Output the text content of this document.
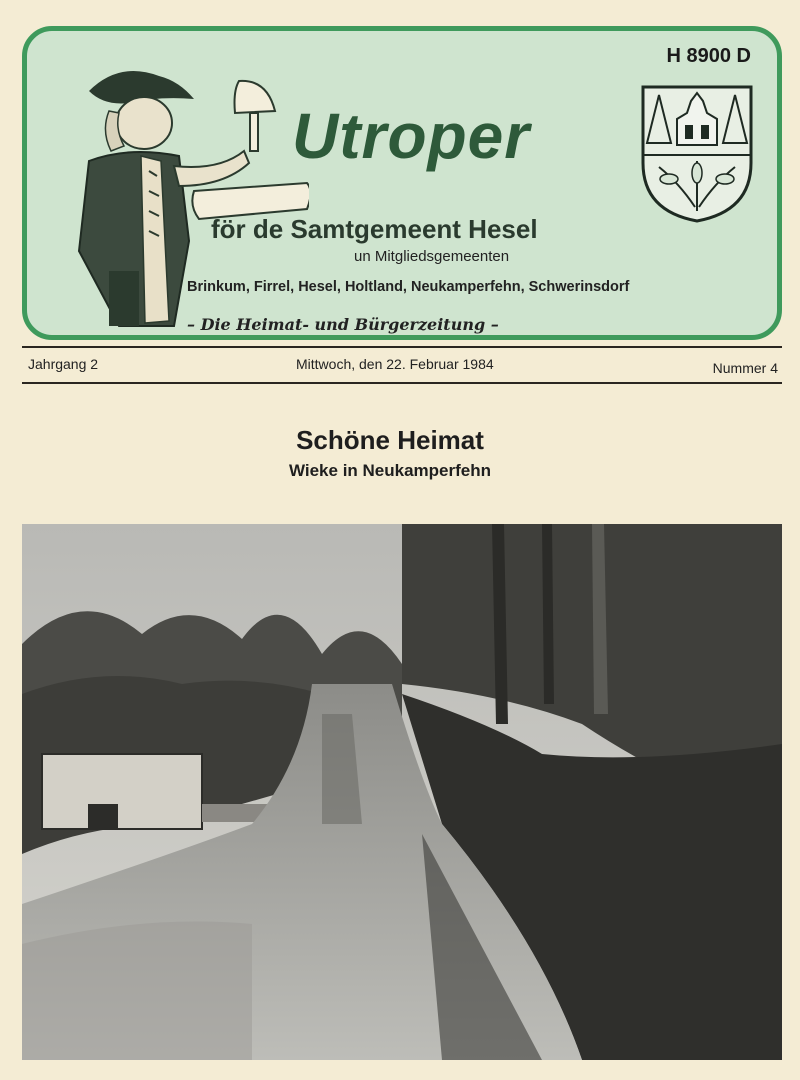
H 8900 D
Utroper
för de Samtgemeent Hesel
un Mitgliedsgemeenten
Brinkum, Firrel, Hesel, Holtland, Neukamperfehn, Schwerinsdorf
– Die Heimat- und Bürgerzeitung –
Jahrgang 2	Mittwoch, den 22. Februar 1984	Nummer 4
Schöne Heimat
Wieke in Neukamperfehn
